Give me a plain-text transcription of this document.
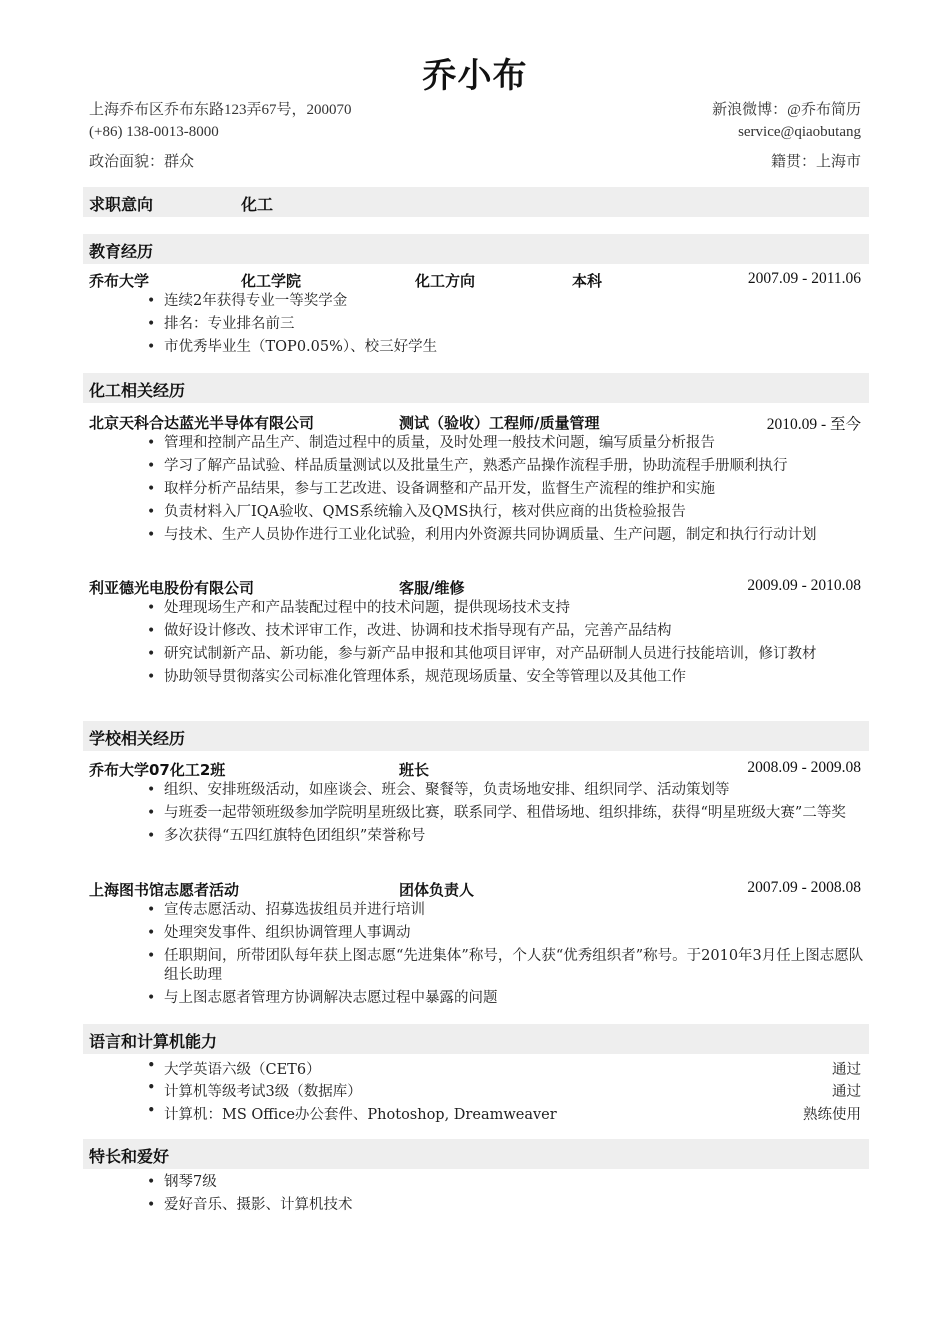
乔小布
上海乔布区乔布东路123弄67号，200070	新浪微博：@乔布简历
(+86) 138-0013-8000	service@qiaobutang
政治面貌：群众	籍贯：上海市
求职意向	化工
教育经历
乔布大学	化工学院	化工方向	本科	2007.09 - 2011.06
• 连续2年获得专业一等奖学金
• 排名：专业排名前三
• 市优秀毕业生（TOP0.05%）、校三好学生
化工相关经历
北京天科合达蓝光半导体有限公司	测试（验收）工程师/质量管理	2010.09 - 至今
• 管理和控制产品生产、制造过程中的质量，及时处理一般技术问题，编写质量分析报告
• 学习了解产品试验、样品质量测试以及批量生产，熟悉产品操作流程手册，协助流程手册顺利执行
• 取样分析产品结果，参与工艺改进、设备调整和产品开发，监督生产流程的维护和实施
• 负责材料入厂IQA验收、QMS系统输入及QMS执行，核对供应商的出货检验报告
• 与技术、生产人员协作进行工业化试验，利用内外资源共同协调质量、生产问题，制定和执行行动计划
利亚德光电股份有限公司	客服/维修	2009.09 - 2010.08
• 处理现场生产和产品装配过程中的技术问题，提供现场技术支持
• 做好设计修改、技术评审工作，改进、协调和技术指导现有产品，完善产品结构
• 研究试制新产品、新功能，参与新产品申报和其他项目评审，对产品研制人员进行技能培训，修订教材
• 协助领导贯彻落实公司标准化管理体系，规范现场质量、安全等管理以及其他工作
学校相关经历
乔布大学07化工2班	班长	2008.09 - 2009.08
• 组织、安排班级活动，如座谈会、班会、聚餐等，负责场地安排、组织同学、活动策划等
• 与班委一起带领班级参加学院明星班级比赛，联系同学、租借场地、组织排练，获得“明星班级大赛”二等奖
• 多次获得“五四红旗特色团组织”荣誉称号
上海图书馆志愿者活动	团体负责人	2007.09 - 2008.08
• 宣传志愿活动、招募选拔组员并进行培训
• 处理突发事件、组织协调管理人事调动
• 任职期间，所带团队每年获上图志愿“先进集体”称号，个人获“优秀组织者”称号。于2010年3月任上图志愿队组长助理
• 与上图志愿者管理方协调解决志愿过程中暴露的问题
语言和计算机能力
• 大学英语六级（CET6）	通过
• 计算机等级考试3级（数据库）	通过
• 计算机：MS Office办公套件、Photoshop, Dreamweaver	熟练使用
特长和爱好
• 钢琴7级
• 爱好音乐、摄影、计算机技术
